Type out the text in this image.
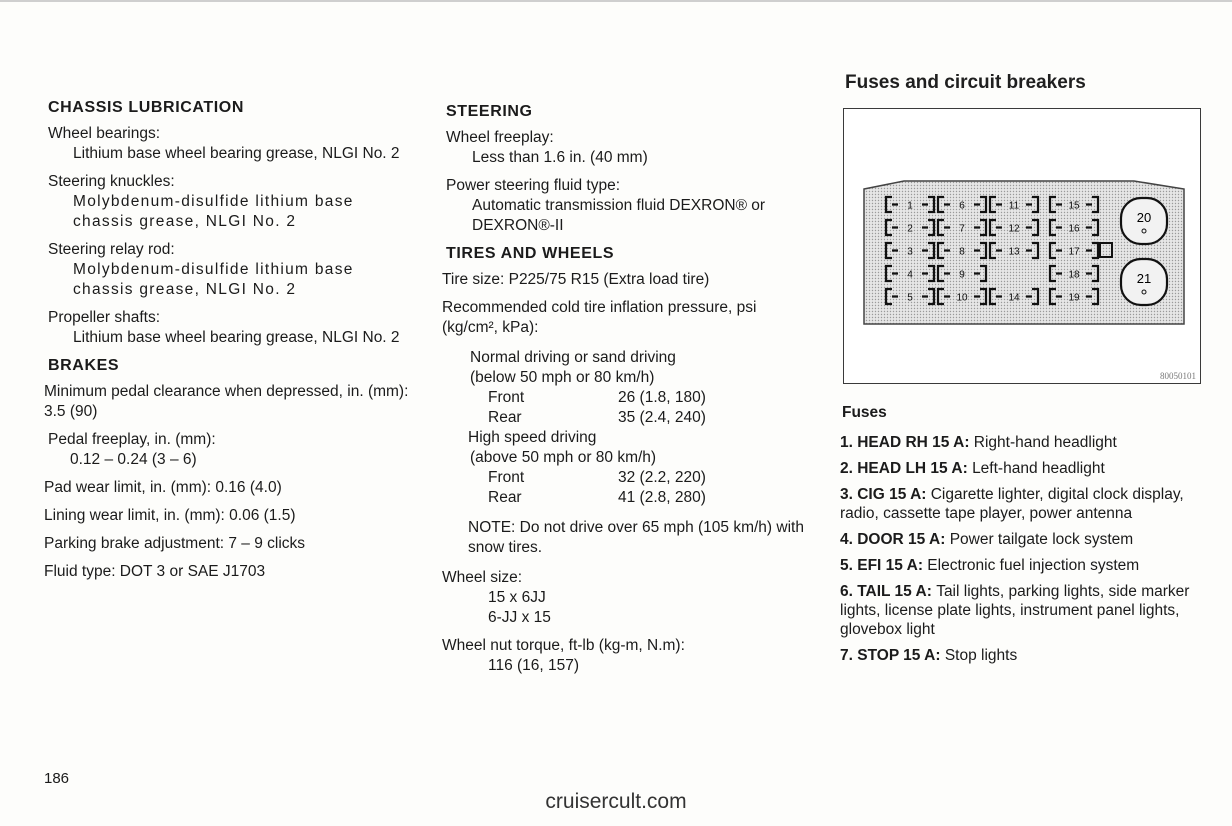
CHASSIS LUBRICATION
Wheel bearings:
Lithium base wheel bearing grease, NLGI No. 2
Steering knuckles:
Molybdenum-disulfide lithium base chassis grease, NLGI No. 2
Steering relay rod:
Molybdenum-disulfide lithium base chassis grease, NLGI No. 2
Propeller shafts:
Lithium base wheel bearing grease, NLGI No. 2
BRAKES
Minimum pedal clearance when depressed, in. (mm): 3.5 (90)
Pedal freeplay, in. (mm):
0.12 – 0.24 (3 – 6)
Pad wear limit, in. (mm): 0.16 (4.0)
Lining wear limit, in. (mm): 0.06 (1.5)
Parking brake adjustment: 7 – 9 clicks
Fluid type: DOT 3 or SAE J1703
STEERING
Wheel freeplay:
Less than 1.6 in. (40 mm)
Power steering fluid type:
Automatic transmission fluid DEXRON® or DEXRON®-II
TIRES AND WHEELS
Tire size: P225/75 R15 (Extra load tire)
Recommended cold tire inflation pressure, psi (kg/cm², kPa):
Normal driving or sand driving
(below 50 mph or 80 km/h)
Front	26 (1.8, 180)
Rear	35 (2.4, 240)
High speed driving
(above 50 mph or 80 km/h)
Front	32 (2.2, 220)
Rear	41 (2.8, 280)
NOTE: Do not drive over 65 mph (105 km/h) with snow tires.
Wheel size:
15 x 6JJ
6-JJ x 15
Wheel nut torque, ft-lb (kg-m, N.m):
116 (16, 157)
Fuses and circuit breakers
1
2
3
4
5
6
7
8
9
10
11
12
13
14
15
16
17
18
19
20
21
80050101
Fuses
1. HEAD RH 15 A: Right-hand headlight
2. HEAD LH 15 A: Left-hand headlight
3. CIG 15 A: Cigarette lighter, digital clock display, radio, cassette tape player, power antenna
4. DOOR 15 A: Power tailgate lock system
5. EFI 15 A: Electronic fuel injection system
6. TAIL 15 A: Tail lights, parking lights, side marker lights, license plate lights, instrument panel lights, glovebox light
7. STOP 15 A: Stop lights
186
cruisercult.com
